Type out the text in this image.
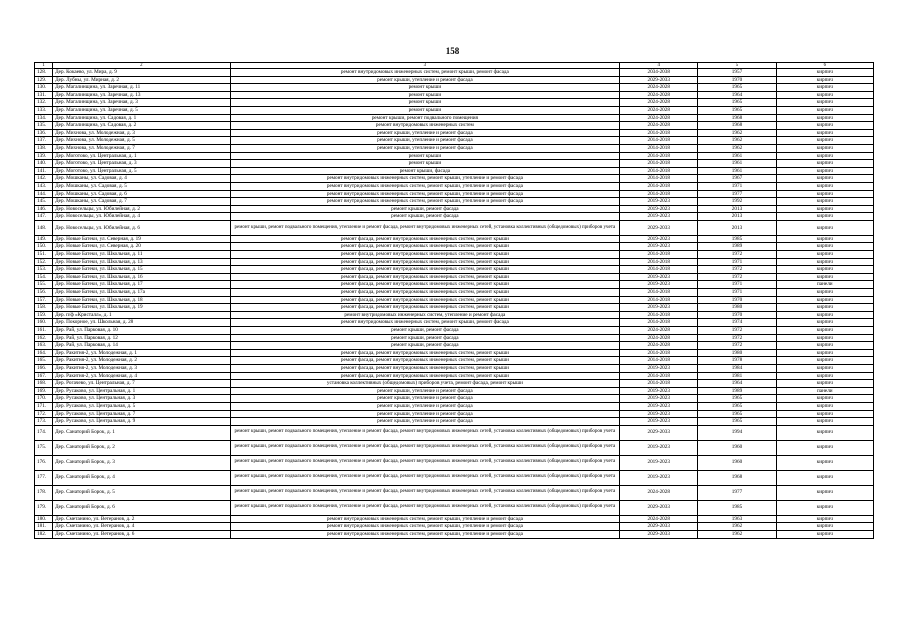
158
1	2	3	4	5	6
128.	Дер. Кокаево, ул. Мира, д. 9	ремонт внутридомовых инженерных систем, ремонт крыши, ремонт фасада	2034-2038	1957	кирпич
129.	Дер. Лубны, ул. Мирная, д. 2	ремонт крыши, утепление и ремонт фасада	2029-2033	1970	кирпич
130.	Дер. Магалинщина, ул. Заречная, д. 11	ремонт крыши	2024-2028	1965	кирпич
131.	Дер. Магалинщина, ул. Заречная, д. 13	ремонт крыши	2024-2028	1964	кирпич
132.	Дер. Магалинщина, ул. Заречная, д. 3	ремонт крыши	2024-2028	1965	кирпич
133.	Дер. Магалинщина, ул. Заречная, д. 5	ремонт крыши	2024-2028	1965	кирпич
134.	Дер. Магалинщина, ул. Садовая, д. 1	ремонт крыши, ремонт подвального помещения	2024-2028	1968	кирпич
135.	Дер. Магалинщина, ул. Садовая, д. 2	ремонт внутридомовых инженерных систем	2024-2028	1968	кирпич
136.	Дер. Михнова, ул. Молодежная, д. 3	ремонт крыши, утепление и ремонт фасада	2014-2018	1962	кирпич
137.	Дер. Михнова, ул. Молодежная, д. 5	ремонт крыши, утепление и ремонт фасада	2014-2018	1962	кирпич
138.	Дер. Михнова, ул. Молодежная, д. 7	ремонт крыши, утепление и ремонт фасада	2014-2018	1962	кирпич
139.	Дер. Моготово, ул. Центральная, д. 1	ремонт крыши	2014-2018	1961	кирпич
140.	Дер. Моготово, ул. Центральная, д. 3	ремонт крыши	2014-2018	1961	кирпич
141.	Дер. Моготово, ул. Центральная, д. 5	ремонт крыши, фасада	2014-2018	1961	кирпич
142.	Дер. Мошканы, ул. Садовая, д. 4	ремонт внутридомовых инженерных систем, ремонт крыши, утепление и ремонт фасада	2014-2018	1967	кирпич
143.	Дер. Мошканы, ул. Садовая, д. 5	ремонт внутридомовых инженерных систем, ремонт крыши, утепление и ремонт фасада	2014-2018	1971	кирпич
144.	Дер. Мошканы, ул. Садовая, д. 6	ремонт внутридомовых инженерных систем, ремонт крыши, утепление и ремонт фасада	2014-2018	1977	кирпич
145.	Дер. Мошканы, ул. Садовая, д. 7	ремонт внутридомовых инженерных систем, ремонт крыши, утепление и ремонт фасада	2019-2023	1992	кирпич
146.	Дер. Новосельцы, ул. Юбилейная, д. 2	ремонт крыши, ремонт фасада	2019-2023	2013	кирпич
147.	Дер. Новосельцы, ул. Юбилейная, д. 4	ремонт крыши, ремонт фасада	2019-2023	2013	кирпич
148.	Дер. Новосельцы, ул. Юбилейная, д. 6	ремонт крыши, ремонт подвального помещения, утепление и ремонт фасада, ремонт внутридомовых инженерных сетей, установка коллективных (общедомовых) приборов учета	2029-2033	2013	кирпич
149.	Дер. Новые Батеки, ул. Северная, д. 19	ремонт фасада, ремонт внутридомовых инженерных систем, ремонт крыши	2019-2023	1985	кирпич
150.	Дер. Новые Батеки, ул. Северная, д. 20	ремонт фасада, ремонт внутридомовых инженерных систем, ремонт крыши	2019-2023	1989	кирпич
151.	Дер. Новые Батеки, ул. Школьная, д. 11	ремонт фасада, ремонт внутридомовых инженерных систем, ремонт крыши	2014-2018	1972	кирпич
152.	Дер. Новые Батеки, ул. Школьная, д. 13	ремонт фасада, ремонт внутридомовых инженерных систем, ремонт крыши	2014-2018	1971	кирпич
153.	Дер. Новые Батеки, ул. Школьная, д. 15	ремонт фасада, ремонт внутридомовых инженерных систем, ремонт крыши	2014-2018	1972	кирпич
154.	Дер. Новые Батеки, ул. Школьная, д. 16	ремонт фасада, ремонт внутридомовых инженерных систем, ремонт крыши	2019-2023	1972	кирпич
155.	Дер. Новые Батеки, ул. Школьная, д. 17	ремонт фасада, ремонт внутридомовых инженерных систем, ремонт крыши	2019-2023	1971	панели
156.	Дер. Новые Батеки, ул. Школьная, д. 17а	ремонт фасада, ремонт внутридомовых инженерных систем, ремонт крыши	2014-2018	1971	кирпич
157.	Дер. Новые Батеки, ул. Школьная, д. 18	ремонт фасада, ремонт внутридомовых инженерных систем, ремонт крыши	2014-2018	1970	кирпич
158.	Дер. Новые Батеки, ул. Школьная, д. 19	ремонт фасада, ремонт внутридомовых инженерных систем, ремонт крыши	2019-2023	1980	кирпич
159.	Дер. п/ф «Кристалл», д. 1	ремонт внутридомовых инженерных систем, утепление и ремонт фасада	2014-2018	1970	кирпич
160.	Дер. Покорное, ул. Школьная, д. 28	ремонт внутридомовых инженерных систем, ремонт крыши, ремонт фасада	2014-2018	1974	кирпич
161.	Дер. Рай, ул. Парковая, д. 10	ремонт крыши, ремонт фасада	2024-2028	1972	кирпич
162.	Дер. Рай, ул. Парковая, д. 12	ремонт крыши, ремонт фасада	2024-2028	1972	кирпич
163.	Дер. Рай, ул. Парковая, д. 14	ремонт крыши, ремонт фасада	2024-2028	1972	кирпич
164.	Дер. Ракитня-2, ул. Молодежная, д. 1	ремонт фасада, ремонт внутридомовых инженерных систем, ремонт крыши	2014-2018	1980	кирпич
165.	Дер. Ракитня-2, ул. Молодежная, д. 2	ремонт фасада, ремонт внутридомовых инженерных систем, ремонт крыши	2014-2018	1978	кирпич
166.	Дер. Ракитня-2, ул. Молодежная, д. 3	ремонт фасада, ремонт внутридомовых инженерных систем, ремонт крыши	2019-2023	1984	кирпич
167.	Дер. Ракитня-2, ул. Молодежная, д. 4	ремонт фасада, ремонт внутридомовых инженерных систем, ремонт крыши	2014-2018	1981	кирпич
168.	Дер. Рогачево, ул. Центральная, д. 7	установка коллективных (общедомовых) приборов учета, ремонт фасада, ремонт крыши	2014-2018	1964	кирпич
169.	Дер. Русаково, ул. Центральная, д. 1	ремонт крыши, утепление и ремонт фасада	2019-2023	1989	панели
170.	Дер. Русаково, ул. Центральная, д. 3	ремонт крыши, утепление и ремонт фасада	2019-2023	1965	кирпич
171.	Дер. Русаково, ул. Центральная, д. 5	ремонт крыши, утепление и ремонт фасада	2019-2023	1965	кирпич
172.	Дер. Русаково, ул. Центральная, д. 7	ремонт крыши, утепление и ремонт фасада	2019-2023	1965	кирпич
173.	Дер. Русаково, ул. Центральная, д. 9	ремонт крыши, утепление и ремонт фасада	2019-2023	1965	кирпич
174.	Дер. Санаторий Борок, д. 1	ремонт крыши, ремонт подвального помещения, утепление и ремонт фасада, ремонт внутридомовых инженерных сетей, установка коллективных (общедомовых) приборов учета	2029-2033	1994	кирпич
175.	Дер. Санаторий Борок, д. 2	ремонт крыши, ремонт подвального помещения, утепление и ремонт фасада, ремонт внутридомовых инженерных сетей, установка коллективных (общедомовых) приборов учета	2019-2023	1960	кирпич
176.	Дер. Санаторий Борок, д. 3	ремонт крыши, ремонт подвального помещения, утепление и ремонт фасада, ремонт внутридомовых инженерных сетей, установка коллективных (общедомовых) приборов учета	2019-2023	1960	кирпич
177.	Дер. Санаторий Борок, д. 4	ремонт крыши, ремонт подвального помещения, утепление и ремонт фасада, ремонт внутридомовых инженерных сетей, установка коллективных (общедомовых) приборов учета	2019-2023	1968	кирпич
178.	Дер. Санаторий Борок, д. 5	ремонт крыши, ремонт подвального помещения, утепление и ремонт фасада, ремонт внутридомовых инженерных сетей, установка коллективных (общедомовых) приборов учета	2024-2028	1977	кирпич
179.	Дер. Санаторий Борок, д. 6	ремонт крыши, ремонт подвального помещения, утепление и ремонт фасада, ремонт внутридомовых инженерных сетей, установка коллективных (общедомовых) приборов учета	2029-2033	1985	кирпич
180.	Дер. Сметанино, ул. Ветеранов, д. 2	ремонт внутридомовых инженерных систем, ремонт крыши, утепление и ремонт фасада	2024-2028	1963	кирпич
181.	Дер. Сметанино, ул. Ветеранов, д. 4	ремонт внутридомовых инженерных систем, ремонт крыши, утепление и ремонт фасада	2029-2033	1962	кирпич
182.	Дер. Сметанино, ул. Ветеранов, д. 6	ремонт внутридомовых инженерных систем, ремонт крыши, утепление и ремонт фасада	2029-2033	1962	кирпич
